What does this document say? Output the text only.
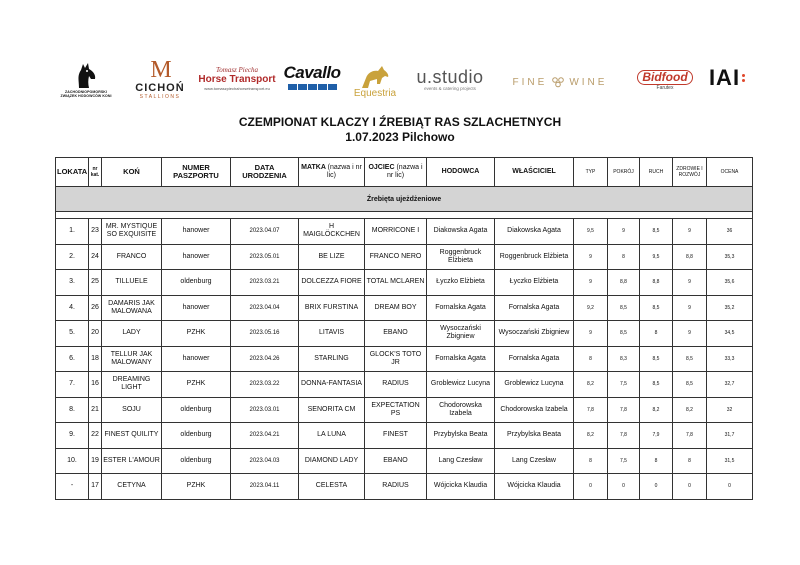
ZACHODNIOPOMORSKI ZWIĄZEK HODOWCÓW KONI
M
CICHOŃ
STALLIONS
Tomasz Piecha
Horse Transport
www.tomaszpiechahorsetransport.eu
Cavallo
Equestria
u.studio
events & catering projects
FINE WINE	Bidfood
Farutex IAI
CZEMPIONAT KLACZY I ŹREBIĄT RAS SZLACHETNYCH
1.07.2023 Pilchowo
LOKATA	nr kat.	KOŃ	NUMER PASZPORTU	DATA URODZENIA	MATKA (nazwa i nr lic)	OJCIEC (nazwa i nr lic)	HODOWCA	WŁAŚCICIEL	TYP	POKRÓJ	RUCH	ZDROWIE I ROZWÓJ	OCENA
Źrebięta ujeżdżeniowe													

1.	23	MR. MYSTIQUE SO EXQUISITE	hanower	2023.04.07	H MAIGLÖCKCHEN	MORRICONE I	Diakowska Agata	Diakowska Agata	9,5	9	8,5	9	36
2.	24	FRANCO	hanower	2023.05.01	BE LIZE	FRANCO NERO	Roggenbruck Elżbieta	Roggenbruck Elżbieta	9	8	9,5	8,8	35,3
3.	25	TILLUELE	oldenburg	2023.03.21	DOLCEZZA FIORE	TOTAL MCLAREN	Łyczko Elżbieta	Łyczko Elżbieta	9	8,8	8,8	9	35,6
4.	26	DAMARIS JAK MALOWANA	hanower	2023.04.04	BRIX FURSTINA	DREAM BOY	Fornalska Agata	Fornalska Agata	9,2	8,5	8,5	9	35,2
5.	20	LADY	PZHK	2023.05.16	LITAVIS	EBANO	Wysoczański Zbigniew	Wysoczański Zbigniew	9	8,5	8	9	34,5
6.	18	TELLUR JAK MALOWANY	hanower	2023.04.26	STARLING	GLOCK'S TOTO JR	Fornalska Agata	Fornalska Agata	8	8,3	8,5	8,5	33,3
7.	16	DREAMING LIGHT	PZHK	2023.03.22	DONNA-FANTASIA	RADIUS	Groblewicz Lucyna	Groblewicz Lucyna	8,2	7,5	8,5	8,5	32,7
8.	21	SOJU	oldenburg	2023.03.01	SENORITA CM	EXPECTATION PS	Chodorowska Izabela	Chodorowska Izabela	7,8	7,8	8,2	8,2	32
9.	22	FINEST QUILITY	oldenburg	2023.04.21	LA LUNA	FINEST	Przybylska Beata	Przybylska Beata	8,2	7,8	7,9	7,8	31,7
10.	19	ESTER L'AMOUR	oldenburg	2023.04.03	DIAMOND LADY	EBANO	Lang Czesław	Lang Czesław	8	7,5	8	8	31,5
-	17	CETYNA	PZHK	2023.04.11	CELESTA	RADIUS	Wójcicka Klaudia	Wójcicka Klaudia	0	0	0	0	0
